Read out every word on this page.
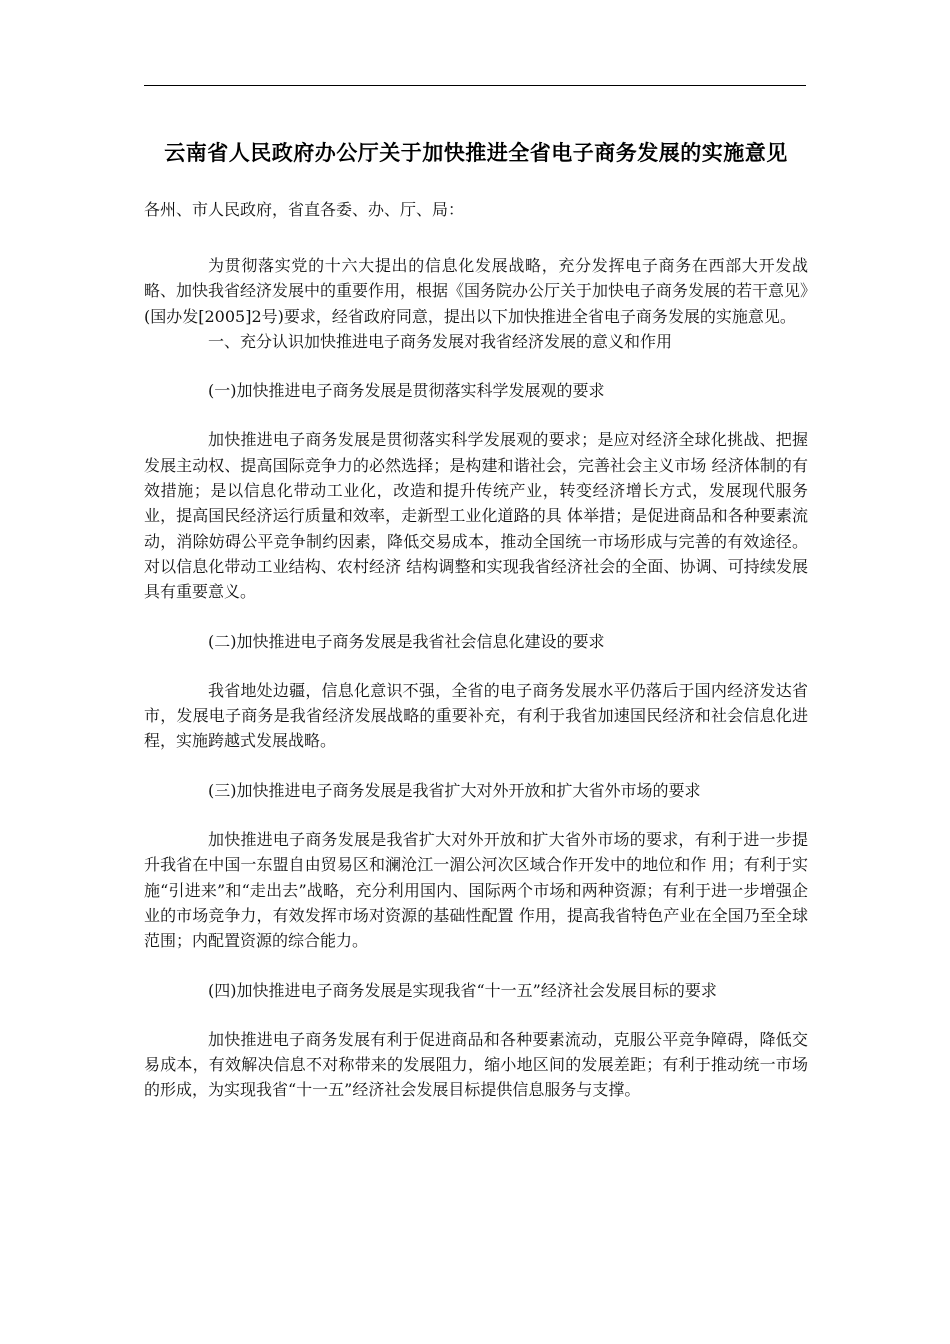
云南省人民政府办公厅关于加快推进全省电子商务发展的实施意见

各州、市人民政府，省直各委、办、厅、局：

为贯彻落实党的十六大提出的信息化发展战略，充分发挥电子商务在西部大开发战略、加快我省经济发展中的重要作用，根据《国务院办公厅关于加快电子商务发展的若干意见》(国办发[2005]2号)要求，经省政府同意，提出以下加快推进全省电子商务发展的实施意见。

一、充分认识加快推进电子商务发展对我省经济发展的意义和作用

(一)加快推进电子商务发展是贯彻落实科学发展观的要求

加快推进电子商务发展是贯彻落实科学发展观的要求；是应对经济全球化挑战、把握发展主动权、提高国际竞争力的必然选择；是构建和谐社会，完善社会主义市场 经济体制的有效措施；是以信息化带动工业化，改造和提升传统产业，转变经济增长方式，发展现代服务业，提高国民经济运行质量和效率，走新型工业化道路的具 体举措；是促进商品和各种要素流动，消除妨碍公平竞争制约因素，降低交易成本，推动全国统一市场形成与完善的有效途径。对以信息化带动工业结构、农村经济 结构调整和实现我省经济社会的全面、协调、可持续发展具有重要意义。

(二)加快推进电子商务发展是我省社会信息化建设的要求

我省地处边疆，信息化意识不强，全省的电子商务发展水平仍落后于国内经济发达省市，发展电子商务是我省经济发展战略的重要补充，有利于我省加速国民经济和社会信息化进程，实施跨越式发展战略。

(三)加快推进电子商务发展是我省扩大对外开放和扩大省外市场的要求

加快推进电子商务发展是我省扩大对外开放和扩大省外市场的要求，有利于进一步提升我省在中国一东盟自由贸易区和澜沧江一湄公河次区域合作开发中的地位和作 用；有利于实施“引进来”和“走出去”战略，充分利用国内、国际两个市场和两种资源；有利于进一步增强企业的市场竞争力，有效发挥市场对资源的基础性配置 作用，提高我省特色产业在全国乃至全球范围；内配置资源的综合能力。

(四)加快推进电子商务发展是实现我省“十一五”经济社会发展目标的要求

加快推进电子商务发展有利于促进商品和各种要素流动，克服公平竞争障碍，降低交易成本，有效解决信息不对称带来的发展阻力，缩小地区间的发展差距；有利于推动统一市场的形成，为实现我省“十一五”经济社会发展目标提供信息服务与支撑。
